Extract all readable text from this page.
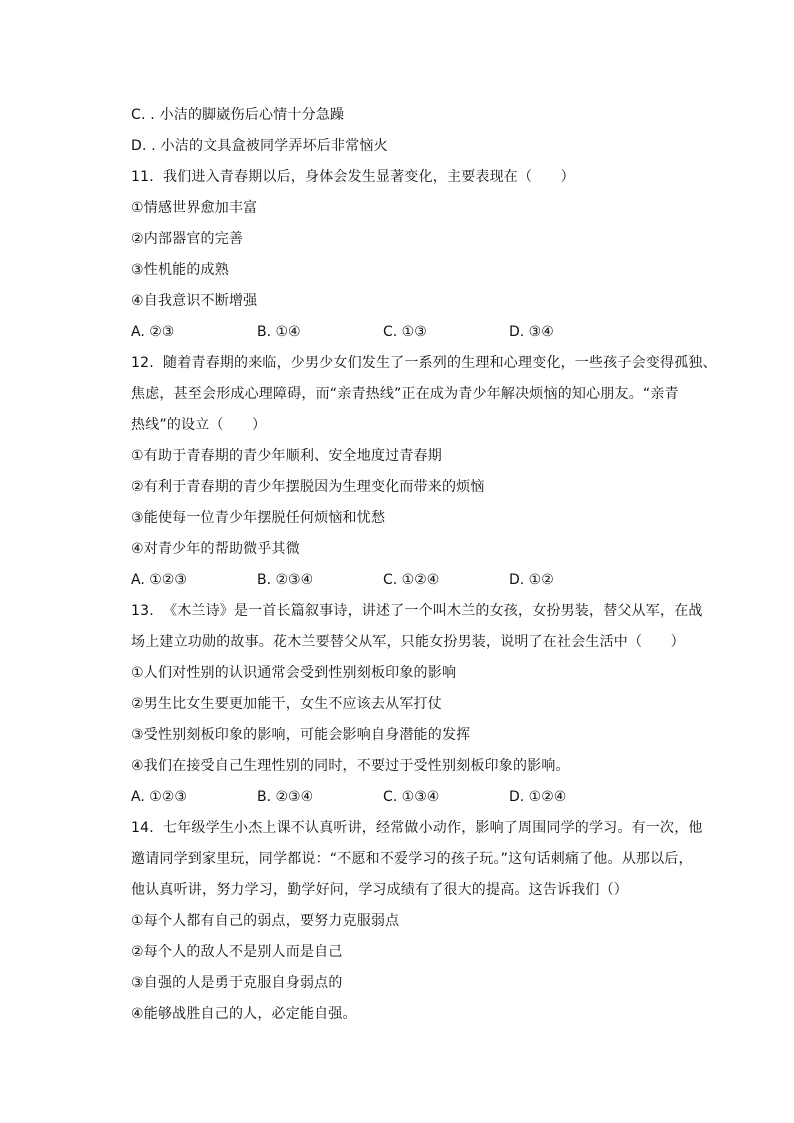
C. . 小洁的脚崴伤后心情十分急躁
D. . 小洁的文具盒被同学弄坏后非常恼火
11. 我们进入青春期以后，身体会发生显著变化，主要表现在（　　）
①情感世界愈加丰富
②内部器官的完善
③性机能的成熟
④自我意识不断增强
A. ②③	B. ①④	C. ①③	D. ③④
12. 随着青春期的来临，少男少女们发生了一系列的生理和心理变化，一些孩子会变得孤独、
焦虑，甚至会形成心理障碍，而“亲青热线”正在成为青少年解决烦恼的知心朋友。“亲青
热线”的设立（　　）
①有助于青春期的青少年顺利、安全地度过青春期
②有利于青春期的青少年摆脱因为生理变化而带来的烦恼
③能使每一位青少年摆脱任何烦恼和忧愁
④对青少年的帮助微乎其微
A. ①②③	B. ②③④	C. ①②④	D. ①②
13. 《木兰诗》是一首长篇叙事诗，讲述了一个叫木兰的女孩，女扮男装，替父从军，在战
场上建立功勋的故事。花木兰要替父从军，只能女扮男装，说明了在社会生活中（　　）
①人们对性别的认识通常会受到性别刻板印象的影响
②男生比女生要更加能干，女生不应该去从军打仗
③受性别刻板印象的影响，可能会影响自身潜能的发挥
④我们在接受自己生理性别的同时，不要过于受性别刻板印象的影响。
A. ①②③	B. ②③④	C. ①③④	D. ①②④
14. 七年级学生小杰上课不认真听讲，经常做小动作，影响了周围同学的学习。有一次，他
邀请同学到家里玩，同学都说：“不愿和不爱学习的孩子玩。”这句话刺痛了他。从那以后，
他认真听讲，努力学习，勤学好问，学习成绩有了很大的提高。这告诉我们（）
①每个人都有自己的弱点，要努力克服弱点
②每个人的敌人不是别人而是自己
③自强的人是勇于克服自身弱点的
④能够战胜自己的人，必定能自强。
